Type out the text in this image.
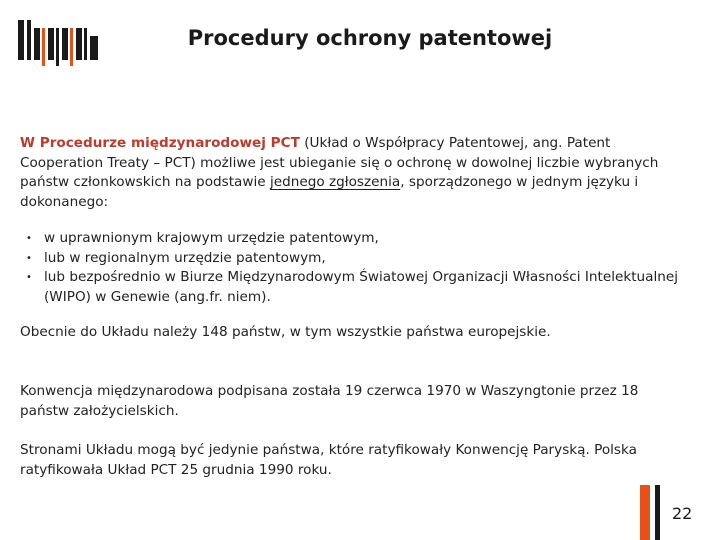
Procedury ochrony patentowej
W Procedurze międzynarodowej PCT (Układ o Współpracy Patentowej, ang. Patent Cooperation Treaty – PCT) możliwe jest ubieganie się o ochronę w dowolnej liczbie wybranych państw członkowskich na podstawie jednego zgłoszenia, sporządzonego w jednym języku i dokonanego:
• w uprawnionym krajowym urzędzie patentowym,
• lub w regionalnym urzędzie patentowym,
• lub bezpośrednio w Biurze Międzynarodowym Światowej Organizacji Własności Intelektualnej (WIPO) w Genewie (ang.fr. niem).
Obecnie do Układu należy 148 państw, w tym wszystkie państwa europejskie.
Konwencja międzynarodowa podpisana została 19 czerwca 1970 w Waszyngtonie przez 18 państw założycielskich.
Stronami Układu mogą być jedynie państwa, które ratyfikowały Konwencję Paryską. Polska ratyfikowała Układ PCT 25 grudnia 1990 roku.
22
